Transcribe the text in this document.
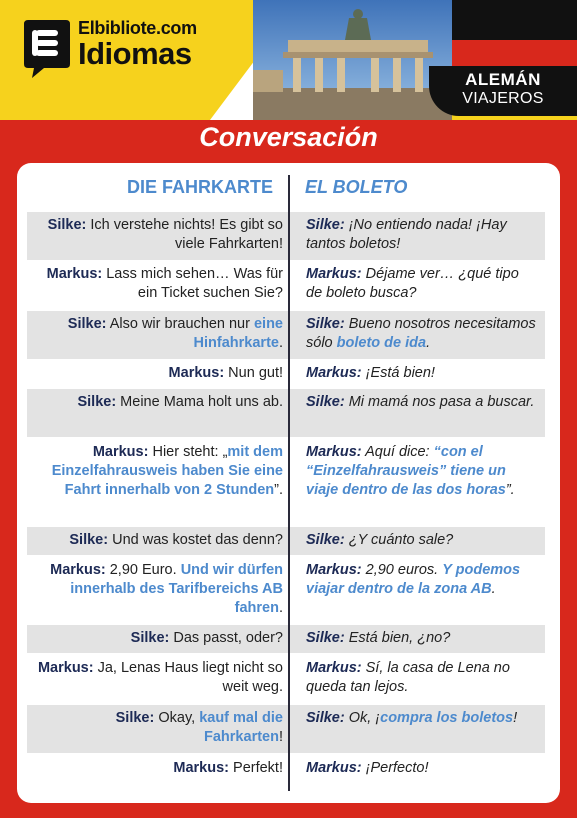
Elbibliote.com
Idiomas
ALEMÁN
VIAJEROS
Conversación
DIE FAHRKARTE EL BOLETO
Silke: Ich verstehe nichts! Es gibt so viele Fahrkarten!
Silke: ¡No entiendo nada! ¡Hay tantos boletos!
Markus: Lass mich sehen… Was für ein Ticket suchen Sie?
Markus: Déjame ver… ¿qué tipo de boleto busca?
Silke: Also wir brauchen nur eine Hinfahrkarte.
Silke: Bueno nosotros necesitamos sólo boleto de ida.
Markus: Nun gut! Markus: ¡Está bien!
Silke: Meine Mama holt uns ab. Silke: Mi mamá nos pasa a buscar.
Markus: Hier steht: „mit dem Einzelfahrausweis haben Sie eine Fahrt innerhalb von 2 Stunden”.
Markus: Aquí dice: “con el “Einzelfahrausweis” tiene un viaje dentro de las dos horas”.
Silke: Und was kostet das denn? Silke: ¿Y cuánto sale?
Markus: 2,90 Euro. Und wir dürfen innerhalb des Tarifbereichs AB fahren.
Markus: 2,90 euros. Y podemos viajar dentro de la zona AB.
Silke: Das passt, oder? Silke: Está bien, ¿no?
Markus: Ja, Lenas Haus liegt nicht so weit weg.
Markus: Sí, la casa de Lena no queda tan lejos.
Silke: Okay, kauf mal die Fahrkarten!
Silke: Ok, ¡compra los boletos!
Markus: Perfekt! Markus: ¡Perfecto!
